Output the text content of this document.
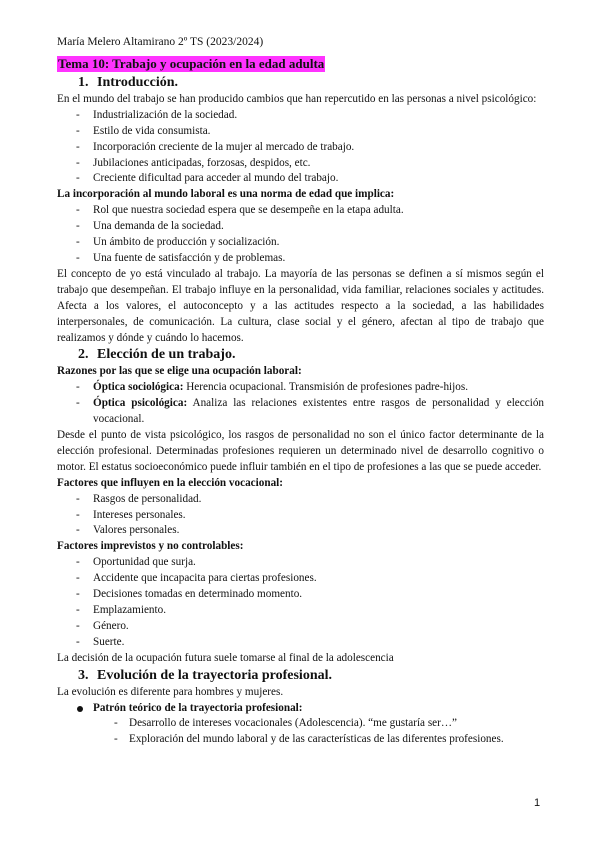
María Melero Altamirano 2º TS (2023/2024)
Tema 10: Trabajo y ocupación en la edad adulta
1. Introducción.

En el mundo del trabajo se han producido cambios que han repercutido en las personas a nivel psicológico:

- Industrialización de la sociedad.
- Estilo de vida consumista.
- Incorporación creciente de la mujer al mercado de trabajo.
- Jubilaciones anticipadas, forzosas, despidos, etc.
- Creciente dificultad para acceder al mundo del trabajo.

La incorporación al mundo laboral es una norma de edad que implica:

- Rol que nuestra sociedad espera que se desempeñe en la etapa adulta.
- Una demanda de la sociedad.
- Un ámbito de producción y socialización.
- Una fuente de satisfacción y de problemas.

El concepto de yo está vinculado al trabajo. La mayoría de las personas se definen a sí mismos según el trabajo que desempeñan. El trabajo influye en la personalidad, vida familiar, relaciones sociales y actitudes. Afecta a los valores, el autoconcepto y a las actitudes respecto a la sociedad, a las habilidades interpersonales, de comunicación. La cultura, clase social y el género, afectan al tipo de trabajo que realizamos y dónde y cuándo lo hacemos.

2. Elección de un trabajo.

Razones por las que se elige una ocupación laboral:

- Óptica sociológica: Herencia ocupacional. Transmisión de profesiones padre-hijos.
- Óptica psicológica: Analiza las relaciones existentes entre rasgos de personalidad y elección vocacional.

Desde el punto de vista psicológico, los rasgos de personalidad no son el único factor determinante de la elección profesional. Determinadas profesiones requieren un determinado nivel de desarrollo cognitivo o motor. El estatus socioeconómico puede influir también en el tipo de profesiones a las que se puede acceder.

Factores que influyen en la elección vocacional:

- Rasgos de personalidad.
- Intereses personales.
- Valores personales.

Factores imprevistos y no controlables:

- Oportunidad que surja.
- Accidente que incapacita para ciertas profesiones.
- Decisiones tomadas en determinado momento.
- Emplazamiento.
- Género.
- Suerte.

La decisión de la ocupación futura suele tomarse al final de la adolescencia

3. Evolución de la trayectoria profesional.

La evolución es diferente para hombres y mujeres.

Patrón teórico de la trayectoria profesional:
- Desarrollo de intereses vocacionales (Adolescencia). “me gustaría ser…”
- Exploración del mundo laboral y de las características de las diferentes profesiones.
1
